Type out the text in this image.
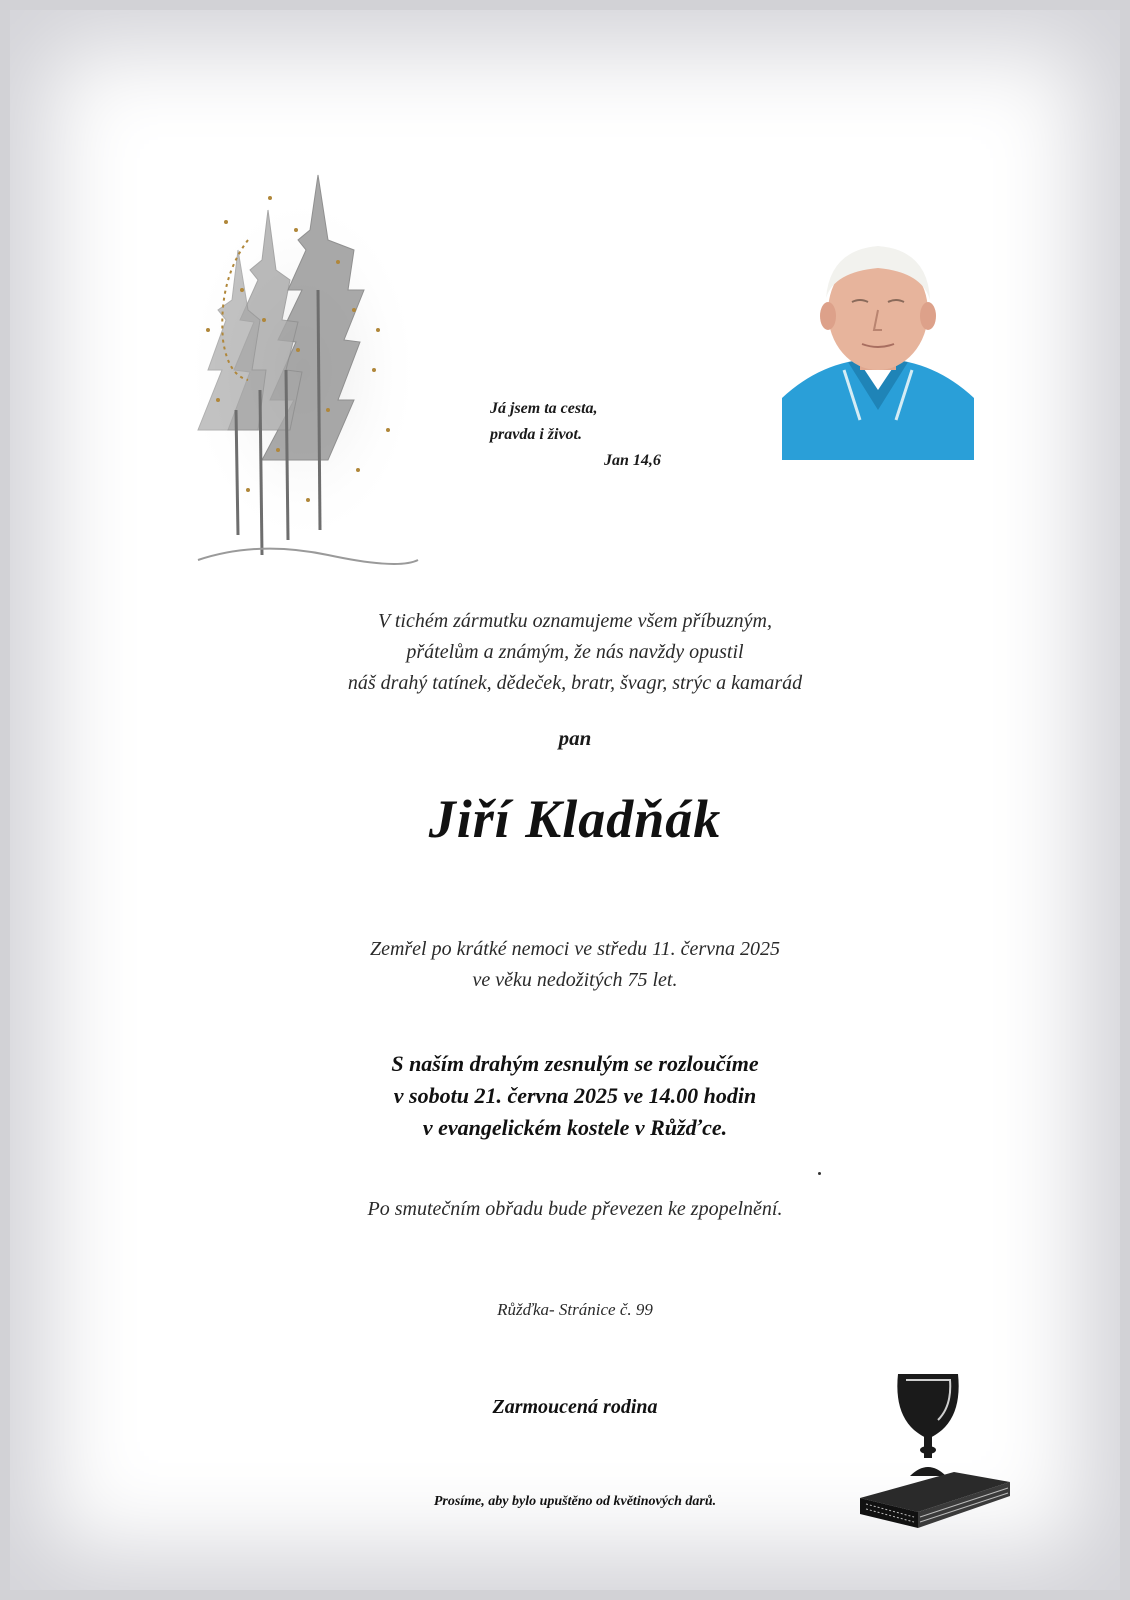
Já jsem ta cesta,
pravda i život.
Jan 14,6
V tichém zármutku oznamujeme všem příbuzným,
přátelům a známým, že nás navždy opustil
náš drahý tatínek, dědeček, bratr, švagr, strýc a kamarád
pan
Jiří Kladňák
Zemřel po krátké nemoci ve středu 11. června 2025
ve věku nedožitých 75 let.
S naším drahým zesnulým se rozloučíme
v sobotu 21. června 2025 ve 14.00 hodin
v evangelickém kostele v Růžďce.
Po smutečním obřadu bude převezen ke zpopelnění.
Růžďka- Stránice č. 99
Zarmoucená rodina
Prosíme, aby bylo upuštěno od květinových darů.
